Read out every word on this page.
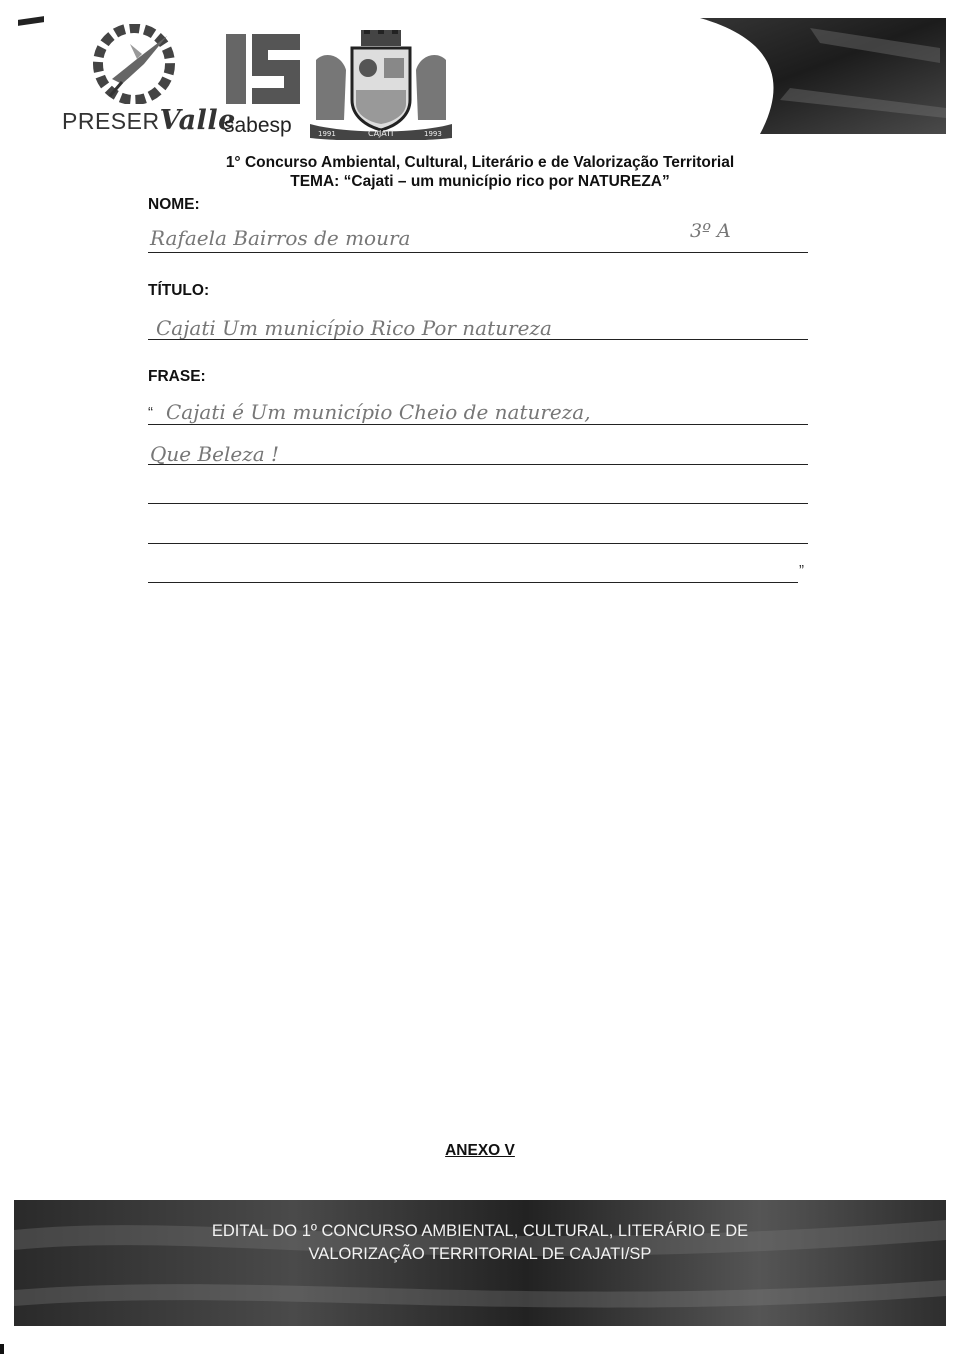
PRESERValle
sabesp	1991	CAJATI	1993
1° Concurso Ambiental, Cultural, Literário e de Valorização Territorial
TEMA: “Cajati – um município rico por NATUREZA”
NOME:
Rafaela Bairros de moura	3º A
TÍTULO:
Cajati Um município Rico Por natureza
FRASE:
“ Cajati é Um município Cheio de natureza,
Que Beleza !
”
ANEXO V
EDITAL DO 1º CONCURSO AMBIENTAL, CULTURAL, LITERÁRIO E DE
VALORIZAÇÃO TERRITORIAL DE CAJATI/SP
